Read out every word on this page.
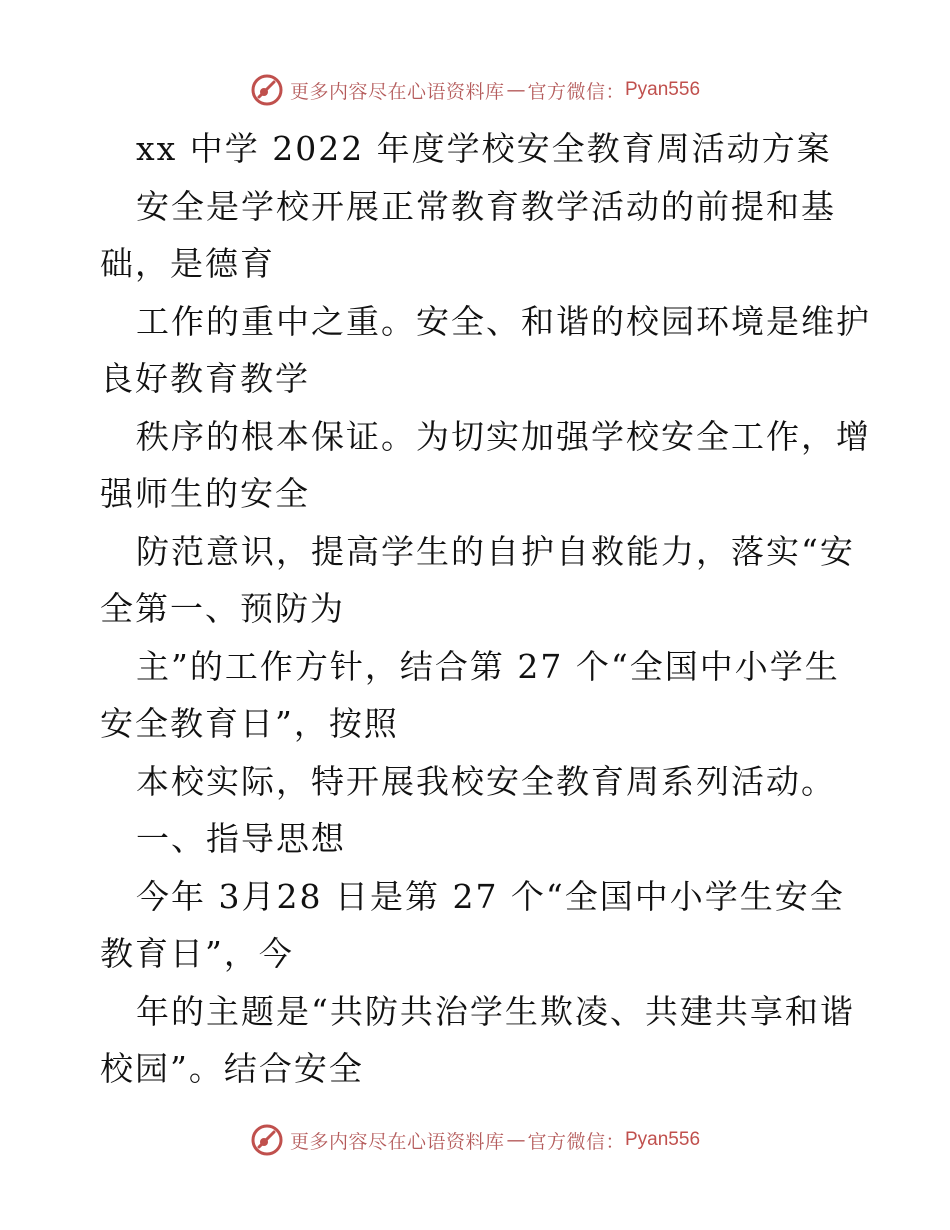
更多内容尽在心语资料库 — 官方微信： Pyan556
xx 中学 2022 年度学校安全教育周活动方案
安全是学校开展正常教育教学活动的前提和基
础，是德育
工作的重中之重。安全、和谐的校园环境是维护
良好教育教学
秩序的根本保证。为切实加强学校安全工作，增
强师生的安全
防范意识，提高学生的自护自救能力，落实“安
全第一、预防为
主”的工作方针，结合第 27 个“全国中小学生
安全教育日”，按照
本校实际，特开展我校安全教育周系列活动。
一、指导思想
今年 3月28 日是第 27 个“全国中小学生安全
教育日”，今
年的主题是“共防共治学生欺凌、共建共享和谐
校园”。结合安全
更多内容尽在心语资料库 — 官方微信： Pyan556
